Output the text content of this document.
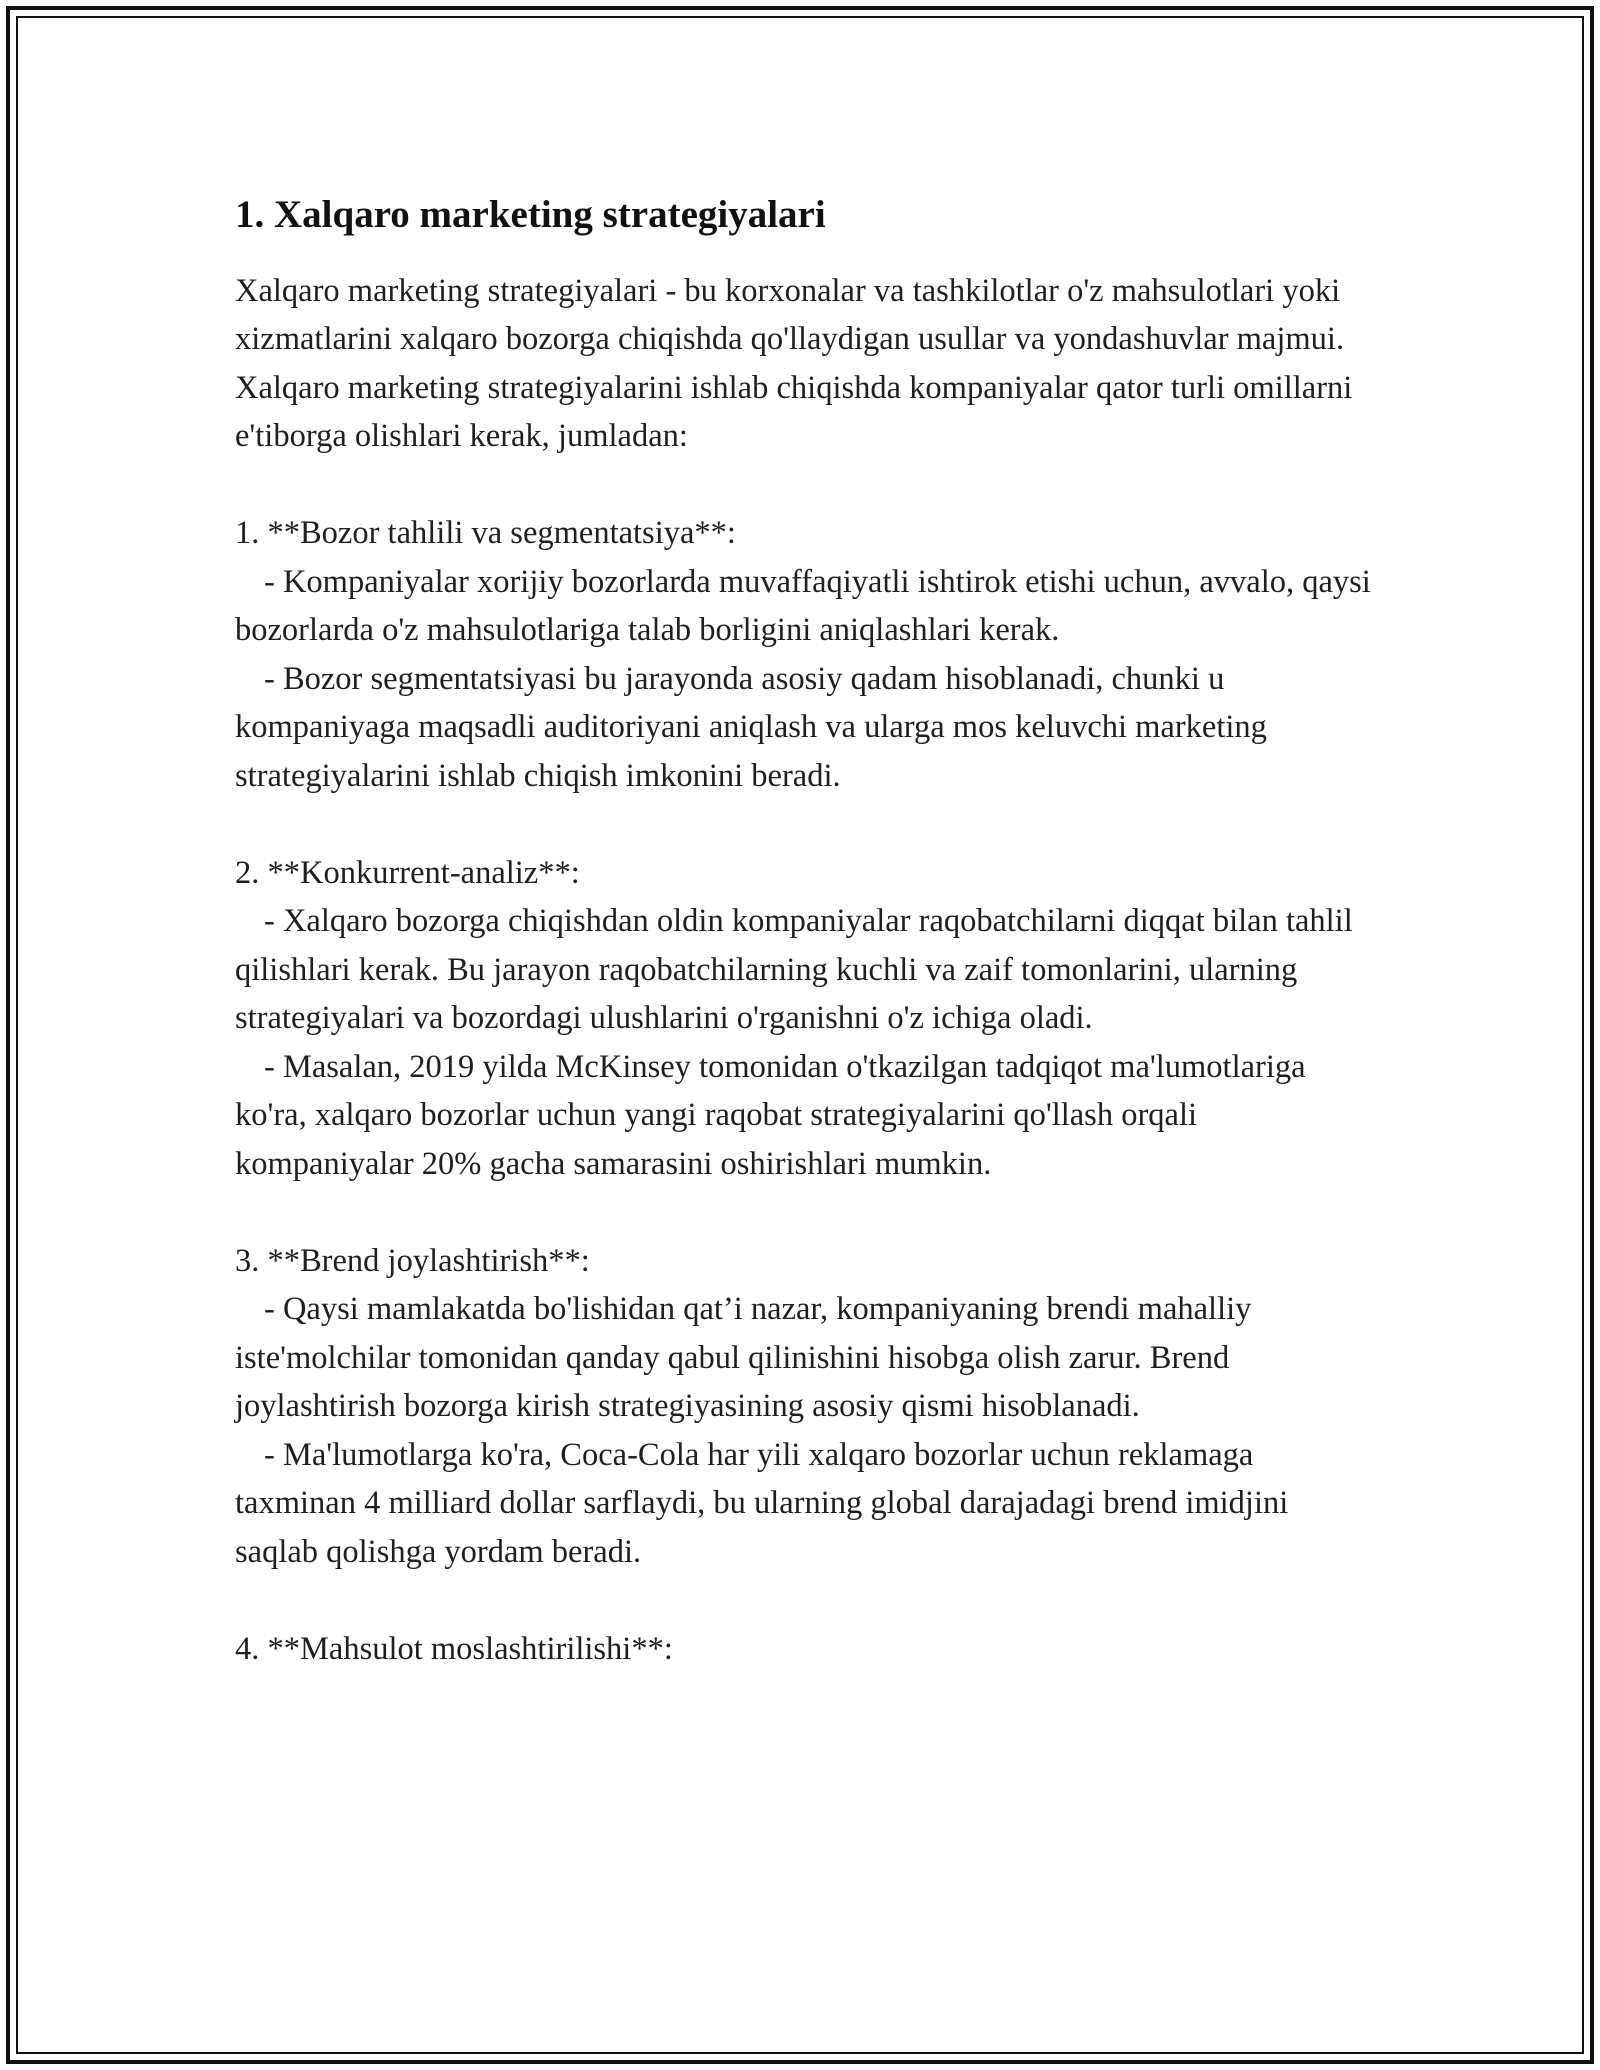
1. Xalqaro marketing strategiyalari

Xalqaro marketing strategiyalari - bu korxonalar va tashkilotlar o'z mahsulotlari yoki xizmatlarini xalqaro bozorga chiqishda qo'llaydigan usullar va yondashuvlar majmui. Xalqaro marketing strategiyalarini ishlab chiqishda kompaniyalar qator turli omillarni e'tiborga olishlari kerak, jumladan:

1. **Bozor tahlili va segmentatsiya**:

- Kompaniyalar xorijiy bozorlarda muvaffaqiyatli ishtirok etishi uchun, avvalo, qaysi bozorlarda o'z mahsulotlariga talab borligini aniqlashlari kerak.

- Bozor segmentatsiyasi bu jarayonda asosiy qadam hisoblanadi, chunki u kompaniyaga maqsadli auditoriyani aniqlash va ularga mos keluvchi marketing strategiyalarini ishlab chiqish imkonini beradi.

2. **Konkurrent-analiz**:

- Xalqaro bozorga chiqishdan oldin kompaniyalar raqobatchilarni diqqat bilan tahlil qilishlari kerak. Bu jarayon raqobatchilarning kuchli va zaif tomonlarini, ularning strategiyalari va bozordagi ulushlarini o'rganishni o'z ichiga oladi.

- Masalan, 2019 yilda McKinsey tomonidan o'tkazilgan tadqiqot ma'lumotlariga ko'ra, xalqaro bozorlar uchun yangi raqobat strategiyalarini qo'llash orqali kompaniyalar 20% gacha samarasini oshirishlari mumkin.

3. **Brend joylashtirish**:

- Qaysi mamlakatda bo'lishidan qat’i nazar, kompaniyaning brendi mahalliy iste'molchilar tomonidan qanday qabul qilinishini hisobga olish zarur. Brend joylashtirish bozorga kirish strategiyasining asosiy qismi hisoblanadi.

- Ma'lumotlarga ko'ra, Coca-Cola har yili xalqaro bozorlar uchun reklamaga taxminan 4 milliard dollar sarflaydi, bu ularning global darajadagi brend imidjini saqlab qolishga yordam beradi.

4. **Mahsulot moslashtirilishi**:
